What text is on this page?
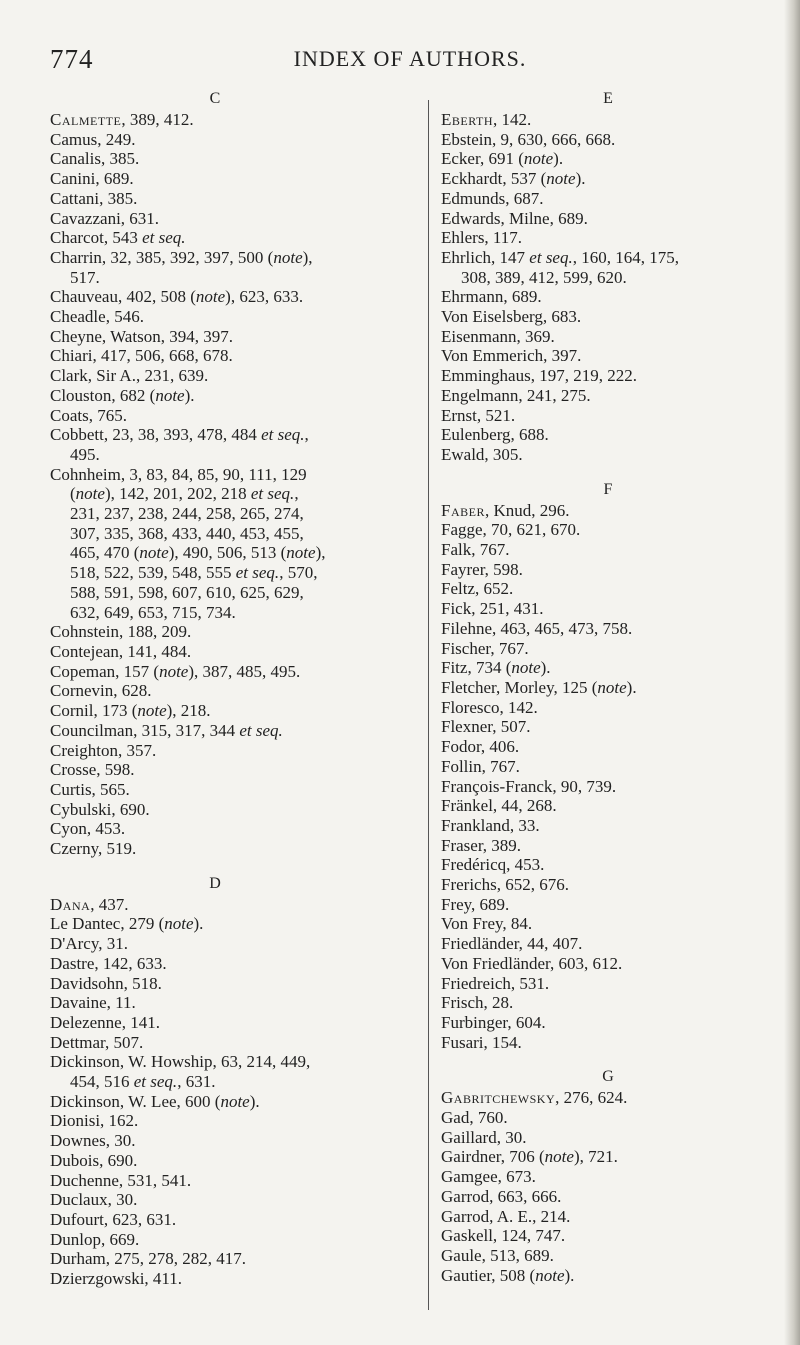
774	INDEX OF AUTHORS.
C
Calmette, 389, 412.
Camus, 249.
Canalis, 385.
Canini, 689.
Cattani, 385.
Cavazzani, 631.
Charcot, 543 et seq.
Charrin, 32, 385, 392, 397, 500 (note),
517.
Chauveau, 402, 508 (note), 623, 633.
Cheadle, 546.
Cheyne, Watson, 394, 397.
Chiari, 417, 506, 668, 678.
Clark, Sir A., 231, 639.
Clouston, 682 (note).
Coats, 765.
Cobbett, 23, 38, 393, 478, 484 et seq.,
495.
Cohnheim, 3, 83, 84, 85, 90, 111, 129
(note), 142, 201, 202, 218 et seq.,
231, 237, 238, 244, 258, 265, 274,
307, 335, 368, 433, 440, 453, 455,
465, 470 (note), 490, 506, 513 (note),
518, 522, 539, 548, 555 et seq., 570,
588, 591, 598, 607, 610, 625, 629,
632, 649, 653, 715, 734.
Cohnstein, 188, 209.
Contejean, 141, 484.
Copeman, 157 (note), 387, 485, 495.
Cornevin, 628.
Cornil, 173 (note), 218.
Councilman, 315, 317, 344 et seq.
Creighton, 357.
Crosse, 598.
Curtis, 565.
Cybulski, 690.
Cyon, 453.
Czerny, 519.
D
Dana, 437.
Le Dantec, 279 (note).
D'Arcy, 31.
Dastre, 142, 633.
Davidsohn, 518.
Davaine, 11.
Delezenne, 141.
Dettmar, 507.
Dickinson, W. Howship, 63, 214, 449,
454, 516 et seq., 631.
Dickinson, W. Lee, 600 (note).
Dionisi, 162.
Downes, 30.
Dubois, 690.
Duchenne, 531, 541.
Duclaux, 30.
Dufourt, 623, 631.
Dunlop, 669.
Durham, 275, 278, 282, 417.
Dzierzgowski, 411.
E
Eberth, 142.
Ebstein, 9, 630, 666, 668.
Ecker, 691 (note).
Eckhardt, 537 (note).
Edmunds, 687.
Edwards, Milne, 689.
Ehlers, 117.
Ehrlich, 147 et seq., 160, 164, 175,
308, 389, 412, 599, 620.
Ehrmann, 689.
Von Eiselsberg, 683.
Eisenmann, 369.
Von Emmerich, 397.
Emminghaus, 197, 219, 222.
Engelmann, 241, 275.
Ernst, 521.
Eulenberg, 688.
Ewald, 305.
F
Faber, Knud, 296.
Fagge, 70, 621, 670.
Falk, 767.
Fayrer, 598.
Feltz, 652.
Fick, 251, 431.
Filehne, 463, 465, 473, 758.
Fischer, 767.
Fitz, 734 (note).
Fletcher, Morley, 125 (note).
Floresco, 142.
Flexner, 507.
Fodor, 406.
Follin, 767.
François-Franck, 90, 739.
Fränkel, 44, 268.
Frankland, 33.
Fraser, 389.
Fredéricq, 453.
Frerichs, 652, 676.
Frey, 689.
Von Frey, 84.
Friedländer, 44, 407.
Von Friedländer, 603, 612.
Friedreich, 531.
Frisch, 28.
Furbinger, 604.
Fusari, 154.
G
Gabritchewsky, 276, 624.
Gad, 760.
Gaillard, 30.
Gairdner, 706 (note), 721.
Gamgee, 673.
Garrod, 663, 666.
Garrod, A. E., 214.
Gaskell, 124, 747.
Gaule, 513, 689.
Gautier, 508 (note).
